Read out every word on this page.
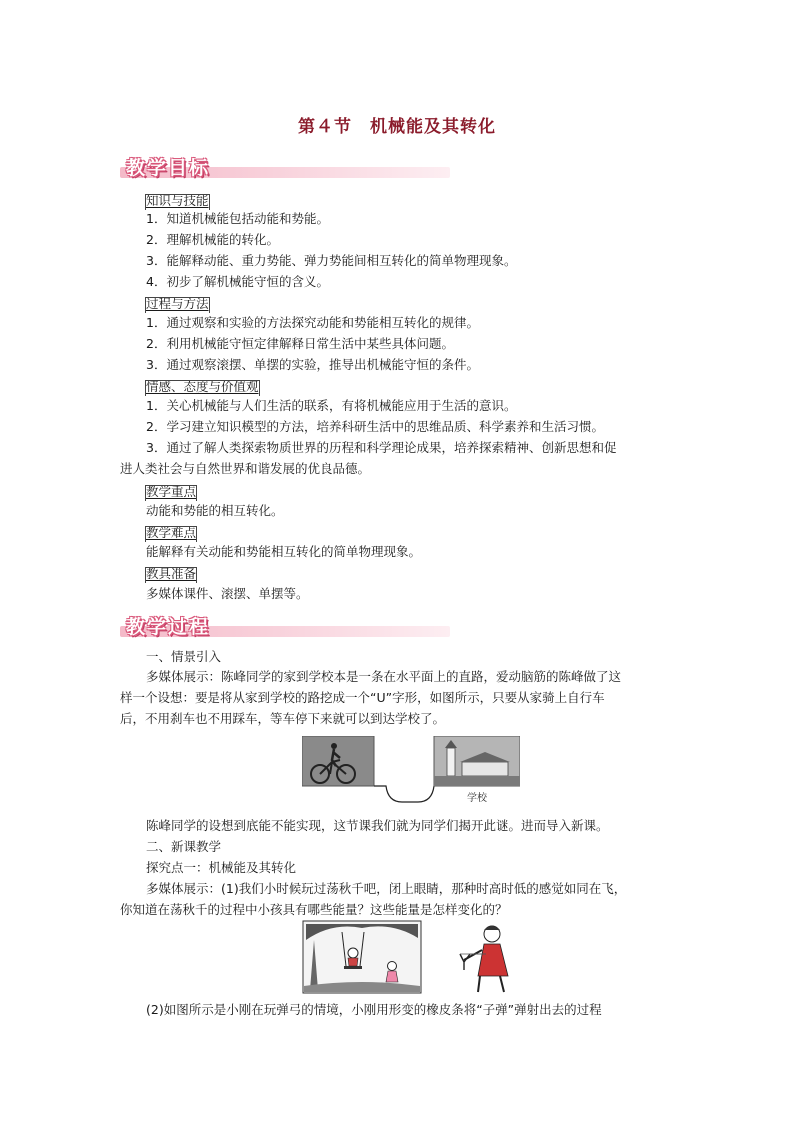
第４节　机械能及其转化
教学目标
知识与技能
1．知道机械能包括动能和势能。
2．理解机械能的转化。
3．能解释动能、重力势能、弹力势能间相互转化的简单物理现象。
4．初步了解机械能守恒的含义。
过程与方法
1．通过观察和实验的方法探究动能和势能相互转化的规律。
2．利用机械能守恒定律解释日常生活中某些具体问题。
3．通过观察滚摆、单摆的实验，推导出机械能守恒的条件。
情感、态度与价值观
1．关心机械能与人们生活的联系，有将机械能应用于生活的意识。
2．学习建立知识模型的方法，培养科研生活中的思维品质、科学素养和生活习惯。
3．通过了解人类探索物质世界的历程和科学理论成果，培养探索精神、创新思想和促
进人类社会与自然世界和谐发展的优良品德。
教学重点
动能和势能的相互转化。
教学难点
能解释有关动能和势能相互转化的简单物理现象。
教具准备
多媒体课件、滚摆、单摆等。
教学过程
一、情景引入
多媒体展示：陈峰同学的家到学校本是一条在水平面上的直路，爱动脑筋的陈峰做了这
样一个设想：要是将从家到学校的路挖成一个“U”字形，如图所示，只要从家骑上自行车
后，不用刹车也不用踩车，等车停下来就可以到达学校了。
学校
陈峰同学的设想到底能不能实现，这节课我们就为同学们揭开此谜。进而导入新课。
二、新课教学
探究点一：机械能及其转化
多媒体展示：(1)我们小时候玩过荡秋千吧，闭上眼睛，那种时高时低的感觉如同在飞，
你知道在荡秋千的过程中小孩具有哪些能量？这些能量是怎样变化的？
(2)如图所示是小刚在玩弹弓的情境，小刚用形变的橡皮条将“子弹”弹射出去的过程
